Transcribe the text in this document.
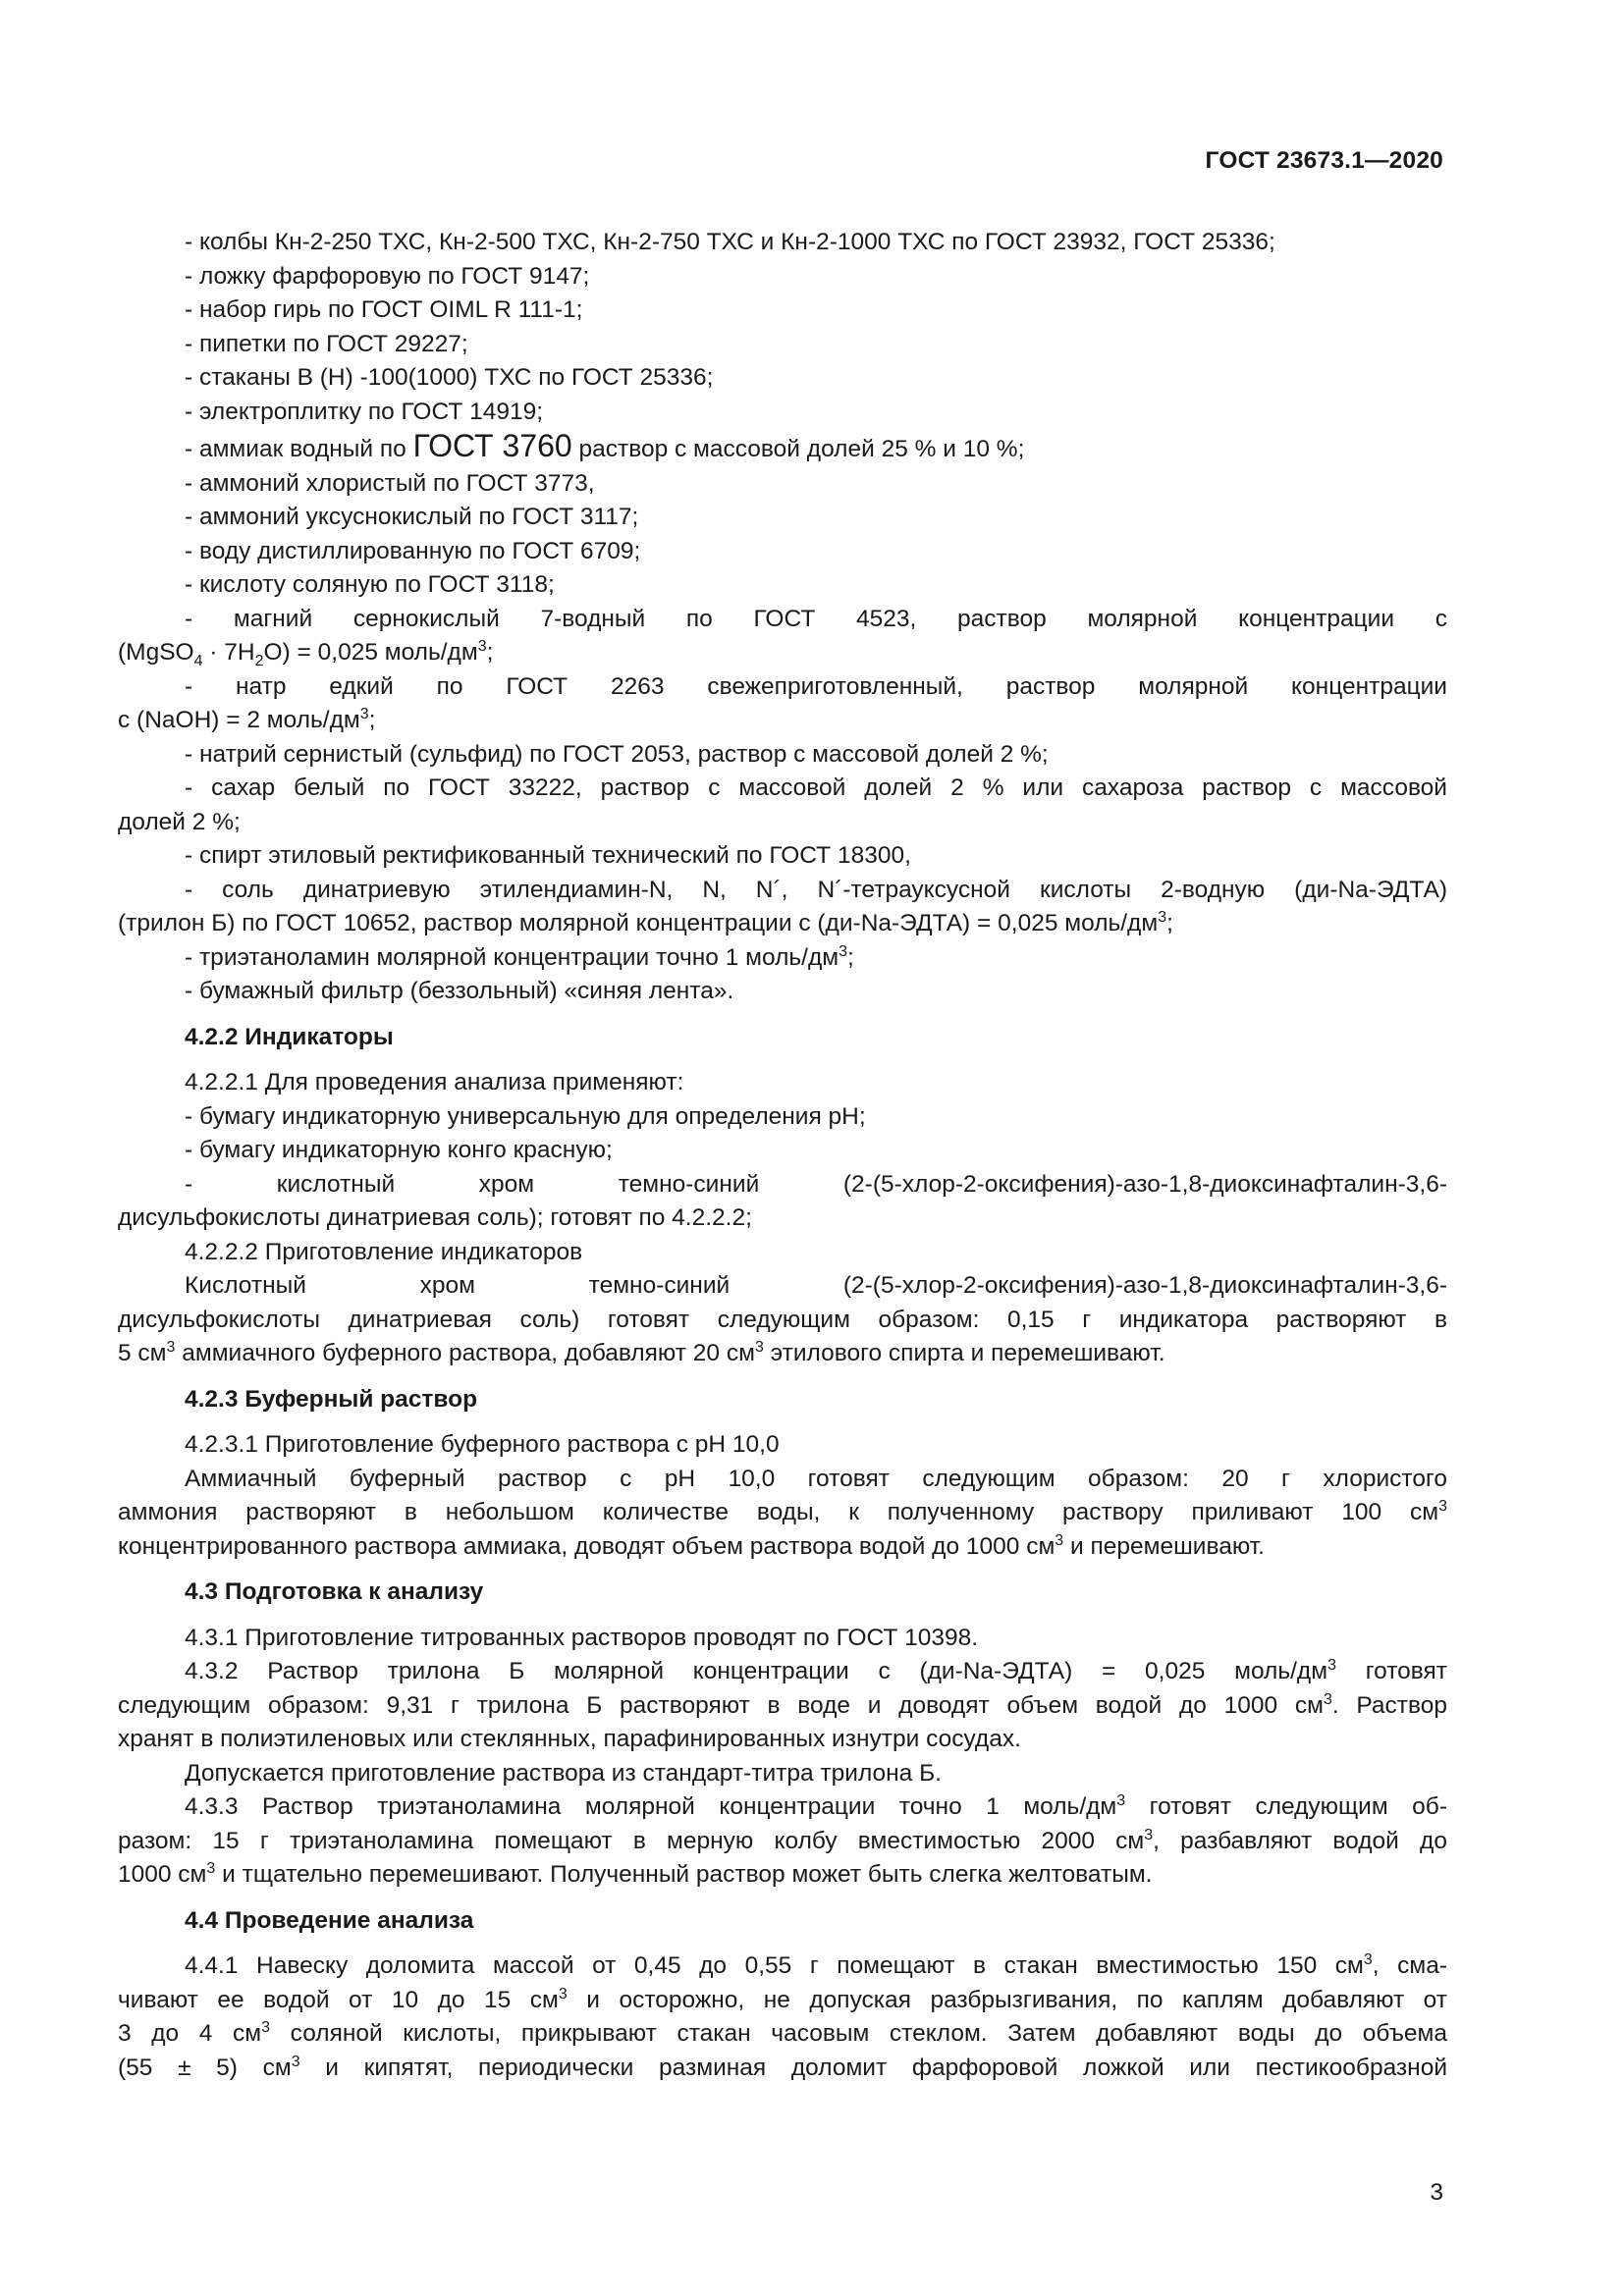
ГОСТ 23673.1—2020

- колбы Кн-2-250 ТХС, Кн-2-500 ТХС, Кн-2-750 ТХС и Кн-2-1000 ТХС по ГОСТ 23932, ГОСТ 25336;

- ложку фарфоровую по ГОСТ 9147;

- набор гирь по ГОСТ OIML R 111-1;

- пипетки по ГОСТ 29227;

- стаканы В (Н) -100(1000) ТХС по ГОСТ 25336;

- электроплитку по ГОСТ 14919;

- аммиак водный по ГОСТ 3760 раствор с массовой долей 25 % и 10 %;

- аммоний хлористый по ГОСТ 3773,

- аммоний уксуснокислый по ГОСТ 3117;

- воду дистиллированную по ГОСТ 6709;

- кислоту соляную по ГОСТ 3118;

- магний сернокислый 7-водный по ГОСТ 4523, раствор молярной концентрации с

(MgSO$_4$ · $7H_2O) = 0,025$ моль/$дм^3$;

- натр едкий по ГОСТ 2263 свежеприготовленный, раствор молярной концентрации

с (NaOH) = 2 моль/$дм^3$;

- натрий сернистый (сульфид) по ГОСТ 2053, раствор с массовой долей 2 %;

- сахар белый по ГОСТ 33222, раствор с массовой долей 2 % или сахароза раствор с массовой

долей 2 %;

- спирт этиловый ректификованный технический по ГОСТ 18300,

- соль динатриевую этилендиамин-N, N, N´, N´-тетрауксусной кислоты 2-водную (ди-Na-ЭДТА)

(трилон Б) по ГОСТ 10652, раствор молярной концентрации с (ди-Na-ЭДТА) = 0,025 моль/$дм^3$;

- триэтаноламин молярной концентрации точно 1 моль/$дм^3$;

- бумажный фильтр (беззольный) «синяя лента».

4.2.2 Индикаторы

4.2.2.1 Для проведения анализа применяют:

- бумагу индикаторную универсальную для определения pH;

- бумагу индикаторную конго красную;

- кислотный хром темно-синий (2-(5-хлор-2-оксифения)-азо-1,8-диоксинафталин-3,6-

дисульфокислоты динатриевая соль); готовят по 4.2.2.2;

4.2.2.2 Приготовление индикаторов

Кислотный хром темно-синий (2-(5-хлор-2-оксифения)-азо-1,8-диоксинафталин-3,6-

дисульфокислоты динатриевая соль) готовят следующим образом: 0,15 г индикатора растворяют в

5 $см^3$ аммиачного буферного раствора, добавляют 20 $см^3$ этилового спирта и перемешивают.

4.2.3 Буферный раствор

4.2.3.1 Приготовление буферного раствора с pH 10,0

Аммиачный буферный раствор с pH 10,0 готовят следующим образом: 20 г хлористого

аммония растворяют в небольшом количестве воды, к полученному раствору приливают 100 $см^3$

концентрированного раствора аммиака, доводят объем раствора водой до 1000 $см^3$ и перемешивают.

4.3 Подготовка к анализу

4.3.1 Приготовление титрованных растворов проводят по ГОСТ 10398.

4.3.2 Раствор трилона Б молярной концентрации с (ди-Na-ЭДТА) = 0,025 моль/$дм^3$ готовят

следующим образом: 9,31 г трилона Б растворяют в воде и доводят объем водой до 1000 $см^3$. Раствор

хранят в полиэтиленовых или стеклянных, парафинированных изнутри сосудах.

Допускается приготовление раствора из стандарт-титра трилона Б.

4.3.3 Раствор триэтаноламина молярной концентрации точно 1 моль/$дм^3$ готовят следующим об-

разом: 15 г триэтаноламина помещают в мерную колбу вместимостью 2000 $см^3$, разбавляют водой до

1000 $см^3$ и тщательно перемешивают. Полученный раствор может быть слегка желтоватым.

4.4 Проведение анализа

4.4.1 Навеску доломита массой от 0,45 до 0,55 г помещают в стакан вместимостью 150 $см^3$, сма-

чивают ее водой от 10 до 15 $см^3$ и осторожно, не допуская разбрызгивания, по каплям добавляют от

3 до 4 $см^3$ соляной кислоты, прикрывают стакан часовым стеклом. Затем добавляют воды до объема

(55 ± 5) $см^3$ и кипятят, периодически разминая доломит фарфоровой ложкой или пестикообразной

3
